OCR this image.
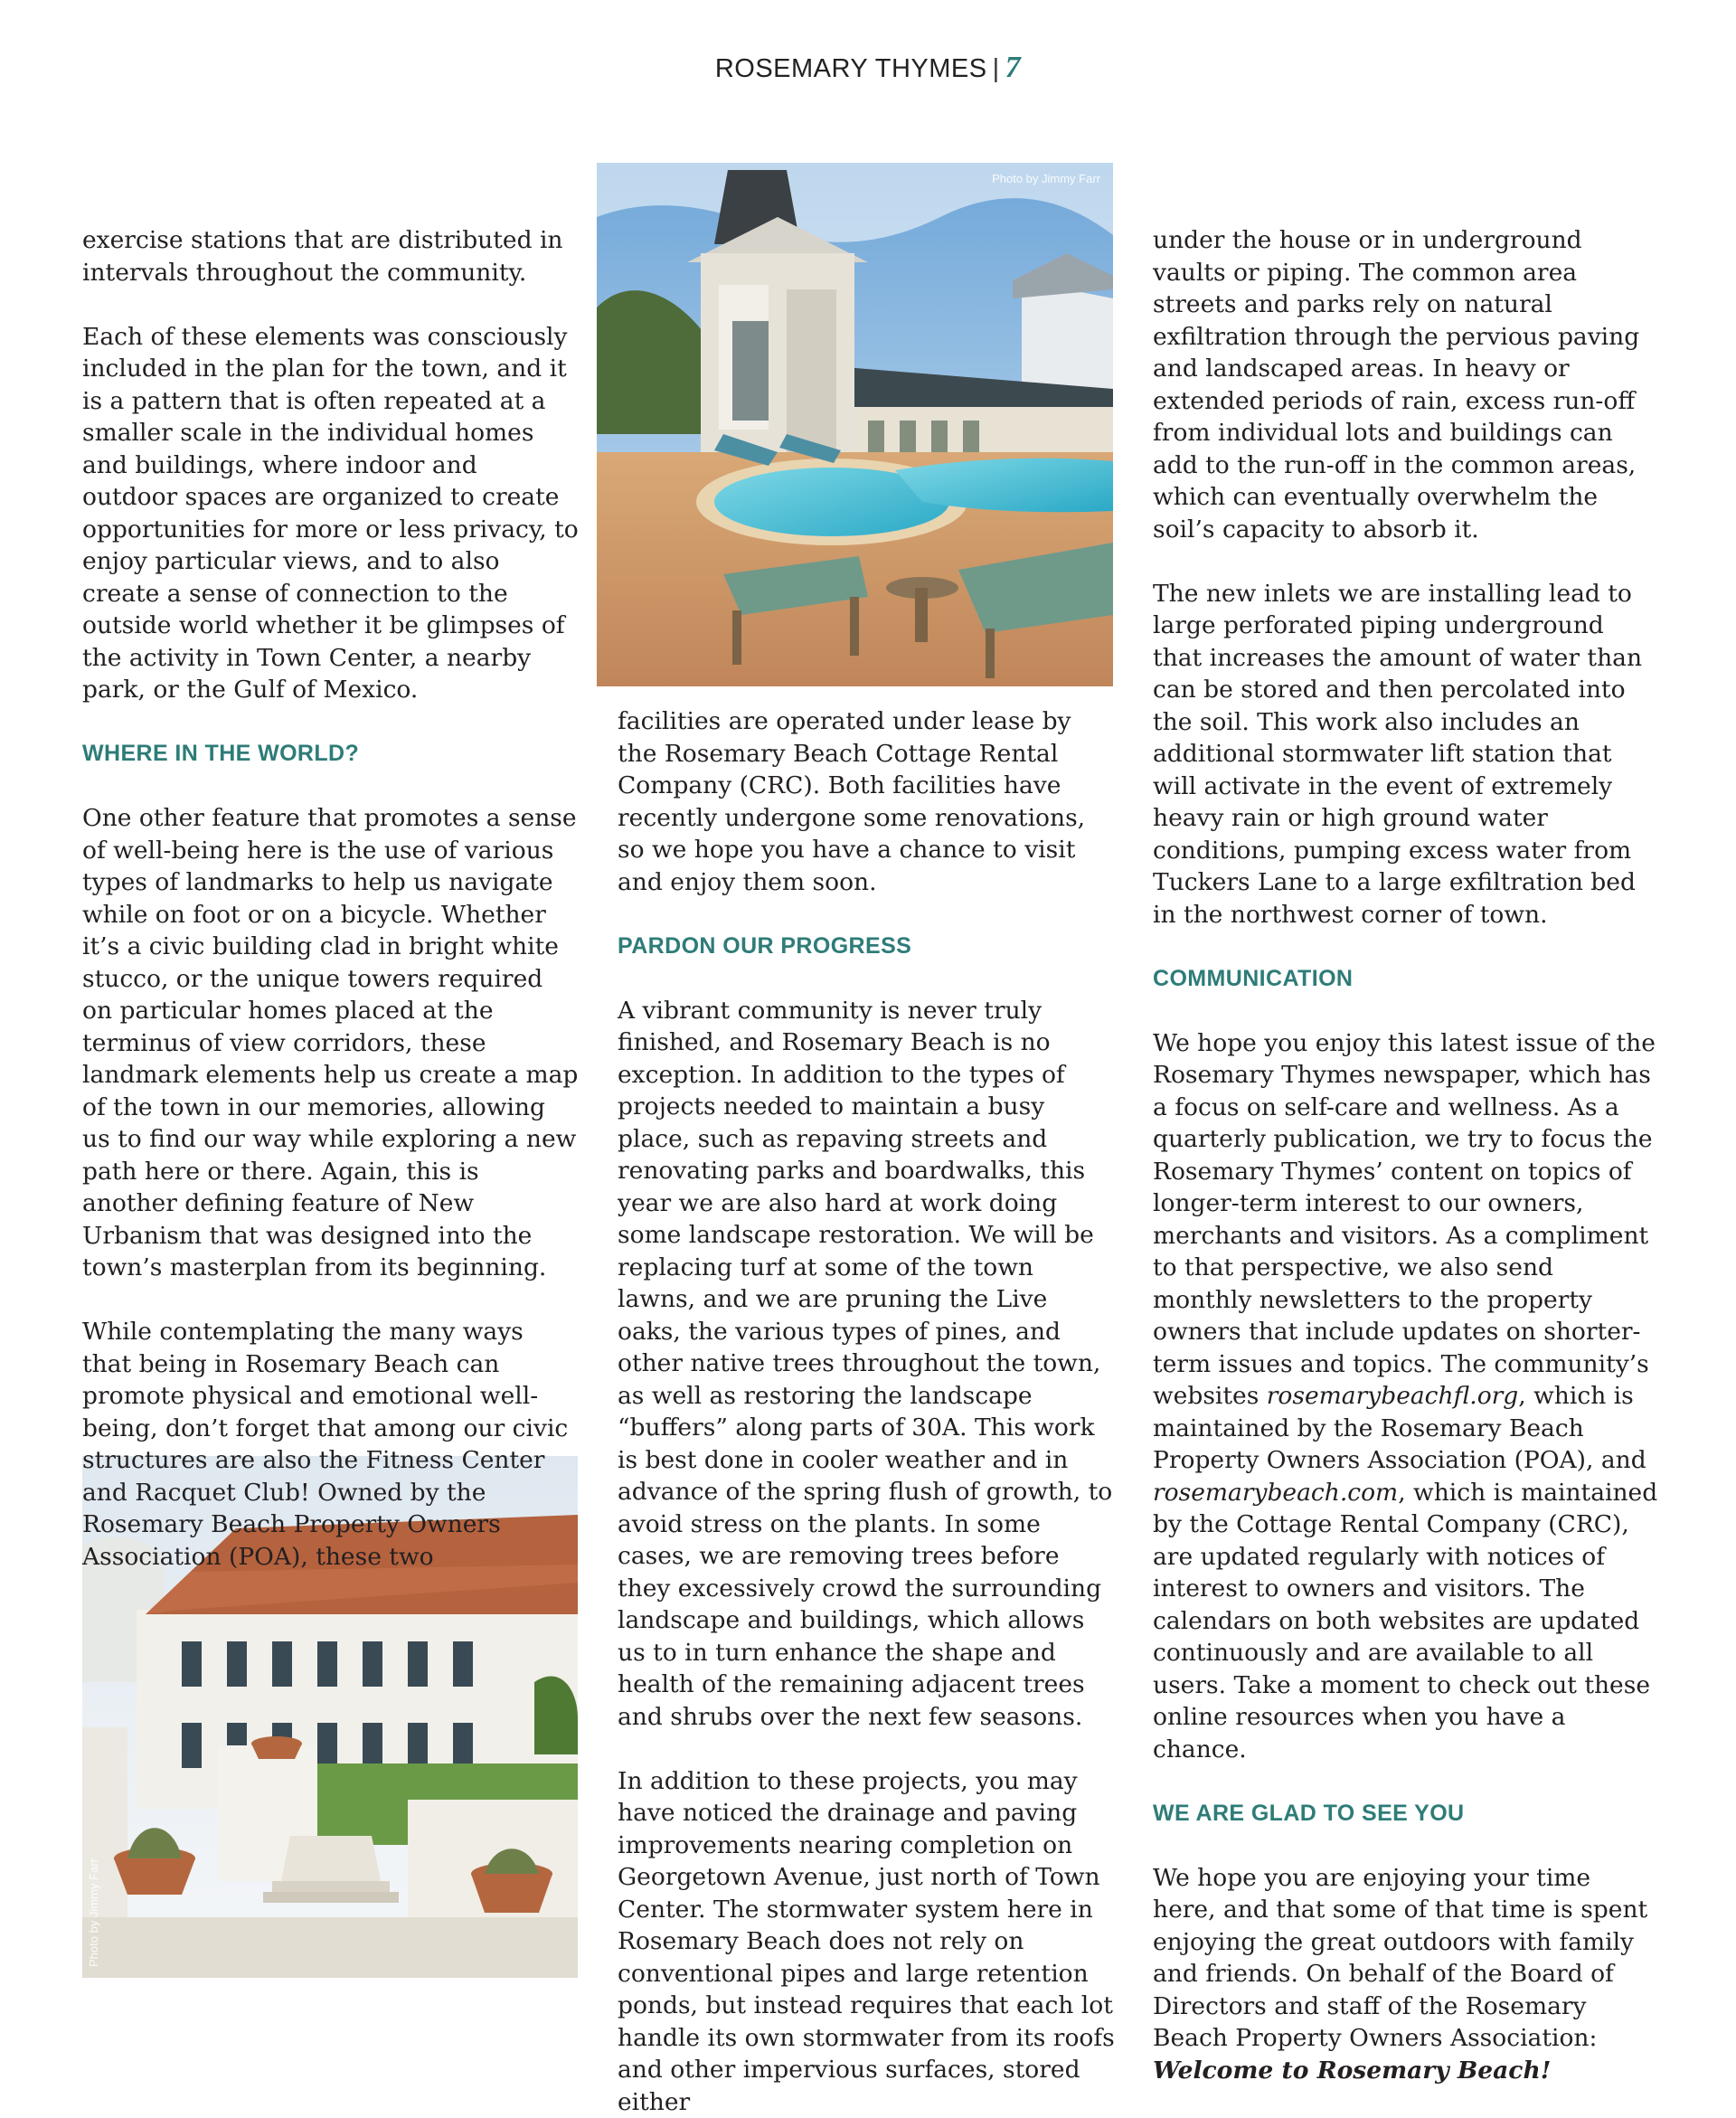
ROSEMARY THYMES | 7
Photo by Jimmy Farr
Photo by Jimmy Farr

exercise stations that are distributed in intervals throughout the community.

Each of these elements was consciously included in the plan for the town, and it is a pattern that is often repeated at a smaller scale in the individual homes and buildings, where indoor and outdoor spaces are organized to create opportunities for more or less privacy, to enjoy particular views, and to also create a sense of connection to the outside world whether it be glimpses of the activity in Town Center, a nearby park, or the Gulf of Mexico.

WHERE IN THE WORLD?

One other feature that promotes a sense of well-being here is the use of various types of landmarks to help us navigate while on foot or on a bicycle. Whether it’s a civic building clad in bright white stucco, or the unique towers required on particular homes placed at the terminus of view corridors, these landmark elements help us create a map of the town in our memories, allowing us to find our way while exploring a new path here or there. Again, this is another defining feature of New Urbanism that was designed into the town’s masterplan from its beginning.

While contemplating the many ways that being in Rosemary Beach can promote physical and emotional well-being, don’t forget that among our civic structures are also the Fitness Center and Racquet Club! Owned by the Rosemary Beach Property Owners Association (POA), these two

facilities are operated under lease by the Rosemary Beach Cottage Rental Company (CRC). Both facilities have recently undergone some renovations, so we hope you have a chance to visit and enjoy them soon.

PARDON OUR PROGRESS

A vibrant community is never truly finished, and Rosemary Beach is no exception. In addition to the types of projects needed to maintain a busy place, such as repaving streets and renovating parks and boardwalks, this year we are also hard at work doing some landscape restoration. We will be replacing turf at some of the town lawns, and we are pruning the Live oaks, the various types of pines, and other native trees throughout the town, as well as restoring the landscape “buffers” along parts of 30A. This work is best done in cooler weather and in advance of the spring flush of growth, to avoid stress on the plants. In some cases, we are removing trees before they excessively crowd the surrounding landscape and buildings, which allows us to in turn enhance the shape and health of the remaining adjacent trees and shrubs over the next few seasons.

In addition to these projects, you may have noticed the drainage and paving improvements nearing completion on Georgetown Avenue, just north of Town Center. The stormwater system here in Rosemary Beach does not rely on conventional pipes and large retention ponds, but instead requires that each lot handle its own stormwater from its roofs and other impervious surfaces, stored either

under the house or in underground vaults or piping. The common area streets and parks rely on natural exfiltration through the pervious paving and landscaped areas. In heavy or extended periods of rain, excess run-off from individual lots and buildings can add to the run-off in the common areas, which can eventually overwhelm the soil’s capacity to absorb it.

The new inlets we are installing lead to large perforated piping underground that increases the amount of water than can be stored and then percolated into the soil. This work also includes an additional stormwater lift station that will activate in the event of extremely heavy rain or high ground water conditions, pumping excess water from Tuckers Lane to a large exfiltration bed in the northwest corner of town.

COMMUNICATION

We hope you enjoy this latest issue of the Rosemary Thymes newspaper, which has a focus on self-care and wellness. As a quarterly publication, we try to focus the Rosemary Thymes’ content on topics of longer-term interest to our owners, merchants and visitors. As a compliment to that perspective, we also send monthly newsletters to the property owners that include updates on shorter-term issues and topics. The community’s websites rosemarybeachfl.org, which is maintained by the Rosemary Beach Property Owners Association (POA), and rosemarybeach.com, which is maintained by the Cottage Rental Company (CRC), are updated regularly with notices of interest to owners and visitors. The calendars on both websites are updated continuously and are available to all users. Take a moment to check out these online resources when you have a chance.

WE ARE GLAD TO SEE YOU

We hope you are enjoying your time here, and that some of that time is spent enjoying the great outdoors with family and friends. On behalf of the Board of Directors and staff of the Rosemary Beach Property Owners Association: Welcome to Rosemary Beach!
